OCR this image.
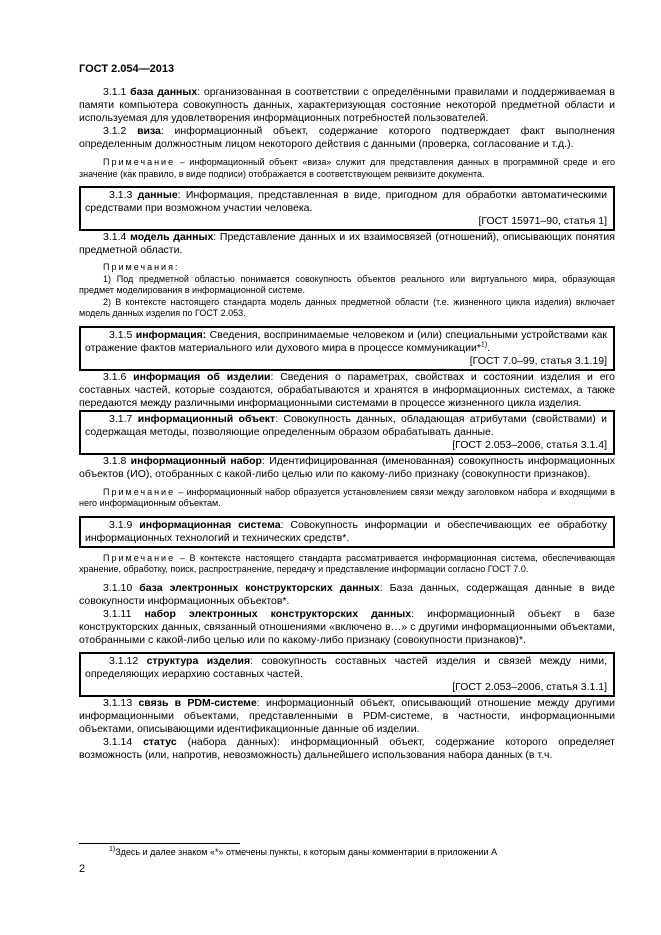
ГОСТ 2.054—2013

3.1.1 база данных: организованная в соответствии с определёнными правилами и поддерживаемая в памяти компьютера совокупность данных, характеризующая состояние некоторой предметной области и используемая для удовлетворения информационных потребностей пользователей.

3.1.2 виза: информационный объект, содержание которого подтверждает факт выполнения определенным должностным лицом некоторого действия с данными (проверка, согласование и т.д.).

Примечание – информационный объект «виза» служит для представления данных в программной среде и его значение (как правило, в виде подписи) отображается в соответствующем реквизите документа.

3.1.3 данные: Информация, представленная в виде, пригодном для обработки автоматическими средствами при возможном участии человека.

[ГОСТ 15971–90, статья 1]

3.1.4 модель данных: Представление данных и их взаимосвязей (отношений), описывающих понятия предметной области.

Примечания:

1) Под предметной областью понимается совокупность объектов реального или виртуального мира, образующая предмет моделирования в информационной системе.

2) В контексте настоящего стандарта модель данных предметной области (т.е. жизненного цикла изделия) включает модель данных изделия по ГОСТ 2.053.

3.1.5 информация: Сведения, воспринимаемые человеком и (или) специальными устройствами как отражение фактов материального или духового мира в процессе коммуникации*$^{1)}$.

[ГОСТ 7.0–99, статья 3.1.19]

3.1.6 информация об изделии: Сведения о параметрах, свойствах и состоянии изделия и его составных частей, которые создаются, обрабатываются и хранятся в информационных системах, а также передаются между различными информационными системами в процессе жизненного цикла изделия.

3.1.7 информационный объект: Совокупность данных, обладающая атрибутами (свойствами) и содержащая методы, позволяющие определенным образом обрабатывать данные.

[ГОСТ 2.053–2006, статья 3.1.4]

3.1.8 информационный набор: Идентифицированная (именованная) совокупность информационных объектов (ИО), отобранных с какой-либо целью или по какому-либо признаку (совокупности признаков).

Примечание – информационный набор образуется установлением связи между заголовком набора и входящими в него информационным объектам.

3.1.9 информационная система: Совокупность информации и обеспечивающих ее обработку информационных технологий и технических средств*.

Примечание – В контексте настоящего стандарта рассматривается информационная система, обеспечивающая хранение, обработку, поиск, распространение, передачу и представление информации согласно ГОСТ 7.0.

3.1.10 база электронных конструкторских данных: База данных, содержащая данные в виде совокупности информационных объектов*.

3.1.11 набор электронных конструкторских данных: информационный объект в базе конструкторских данных, связанный отношениями «включено в…» с другими информационными объектами, отобранными с какой-либо целью или по какому-либо признаку (совокупности признаков)*.

3.1.12 структура изделия: совокупность составных частей изделия и связей между ними, определяющих иерархию составных частей.

[ГОСТ 2.053–2006, статья 3.1.1]

3.1.13 связь в PDM-системе: информационный объект, описывающий отношение между другими информационными объектами, представленными в PDM-системе, в частности, информационными объектами, описывающими идентификационные данные об изделии.

3.1.14 статус (набора данных): информационный объект, содержание которого определяет возможность (или, напротив, невозможность) дальнейшего использования набора данных (в т.ч.

$^{1)}$Здесь и далее знаком «*» отмечены пункты, к которым даны комментарии в приложении А
2
